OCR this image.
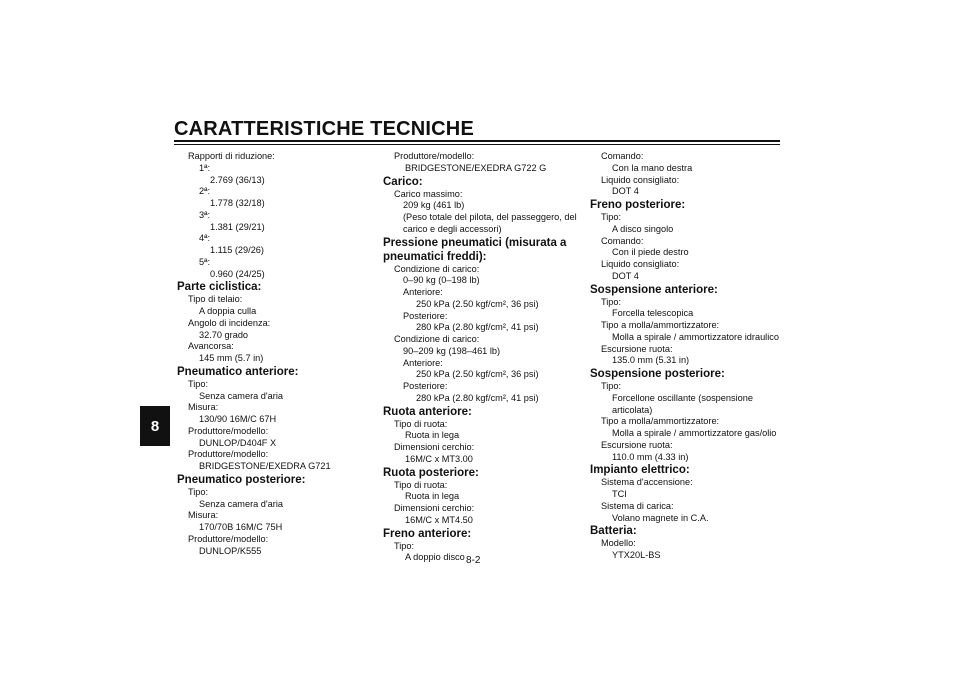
CARATTERISTICHE TECNICHE
8
Rapporti di riduzione:
1ª:
2.769 (36/13)
2ª:
1.778 (32/18)
3ª:
1.381 (29/21)
4ª:
1.115 (29/26)
5ª:
0.960 (24/25)
Parte ciclistica:
Tipo di telaio:
A doppia culla
Angolo di incidenza:
32.70 grado
Avancorsa:
145 mm (5.7 in)
Pneumatico anteriore:
Tipo:
Senza camera d'aria
Misura:
130/90 16M/C 67H
Produttore/modello:
DUNLOP/D404F X
Produttore/modello:
BRIDGESTONE/EXEDRA G721
Pneumatico posteriore:
Tipo:
Senza camera d'aria
Misura:
170/70B 16M/C 75H
Produttore/modello:
DUNLOP/K555
Produttore/modello:
BRIDGESTONE/EXEDRA G722 G
Carico:
Carico massimo:
209 kg (461 lb)
(Peso totale del pilota, del passeggero, del carico e degli accessori)
Pressione pneumatici (misurata a pneumatici freddi):
Condizione di carico:
0–90 kg (0–198 lb)
Anteriore:
250 kPa (2.50 kgf/cm², 36 psi)
Posteriore:
280 kPa (2.80 kgf/cm², 41 psi)
Condizione di carico:
90–209 kg (198–461 lb)
Anteriore:
250 kPa (2.50 kgf/cm², 36 psi)
Posteriore:
280 kPa (2.80 kgf/cm², 41 psi)
Ruota anteriore:
Tipo di ruota:
Ruota in lega
Dimensioni cerchio:
16M/C x MT3.00
Ruota posteriore:
Tipo di ruota:
Ruota in lega
Dimensioni cerchio:
16M/C x MT4.50
Freno anteriore:
Tipo:
A doppio disco
Comando:
Con la mano destra
Liquido consigliato:
DOT 4
Freno posteriore:
Tipo:
A disco singolo
Comando:
Con il piede destro
Liquido consigliato:
DOT 4
Sospensione anteriore:
Tipo:
Forcella telescopica
Tipo a molla/ammortizzatore:
Molla a spirale / ammortizzatore idraulico
Escursione ruota:
135.0 mm (5.31 in)
Sospensione posteriore:
Tipo:
Forcellone oscillante (sospensione articolata)
Tipo a molla/ammortizzatore:
Molla a spirale / ammortizzatore gas/olio
Escursione ruota:
110.0 mm (4.33 in)
Impianto elettrico:
Sistema d'accensione:
TCI
Sistema di carica:
Volano magnete in C.A.
Batteria:
Modello:
YTX20L-BS
8-2
